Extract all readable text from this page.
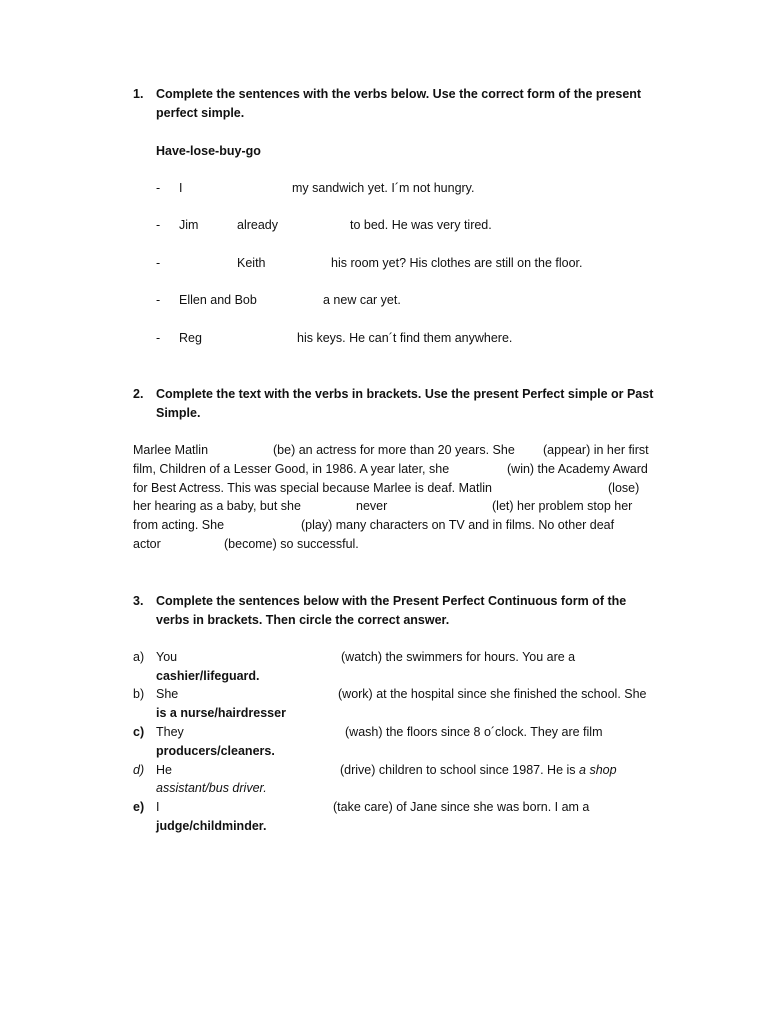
1. Complete the sentences with the verbs below. Use the correct form of the present
perfect simple.
Have-lose-buy-go
- I	my sandwich yet. I´m not hungry.
- Jim	already	to bed. He was very tired.
-	Keith	his room yet? His clothes are still on the floor.
- Ellen and Bob	a new car yet.
- Reg	his keys. He can´t find them anywhere.
2. Complete the text with the verbs in brackets. Use the present Perfect simple or Past
Simple.
Marlee Matlin	(be) an actress for more than 20 years. She (appear) in her first
film, Children of a Lesser Good, in 1986. A year later, she	(win) the Academy Award
for Best Actress. This was special because Marlee is deaf. Matlin	(lose)
her hearing as a baby, but she	never	(let) her problem stop her
from acting. She	(play) many characters on TV and in films. No other deaf
actor	(become) so successful.
3. Complete the sentences below with the Present Perfect Continuous form of the
verbs in brackets. Then circle the correct answer.
a) You	(watch) the swimmers for hours. You are a
cashier/lifeguard.
b) She	(work) at the hospital since she finished the school. She
is a nurse/hairdresser
c) They	(wash) the floors since 8 o´clock. They are film
producers/cleaners.
d) He	(drive) children to school since 1987. He is a shop
assistant/bus driver.
e) I	(take care) of Jane since she was born. I am a
judge/childminder.
